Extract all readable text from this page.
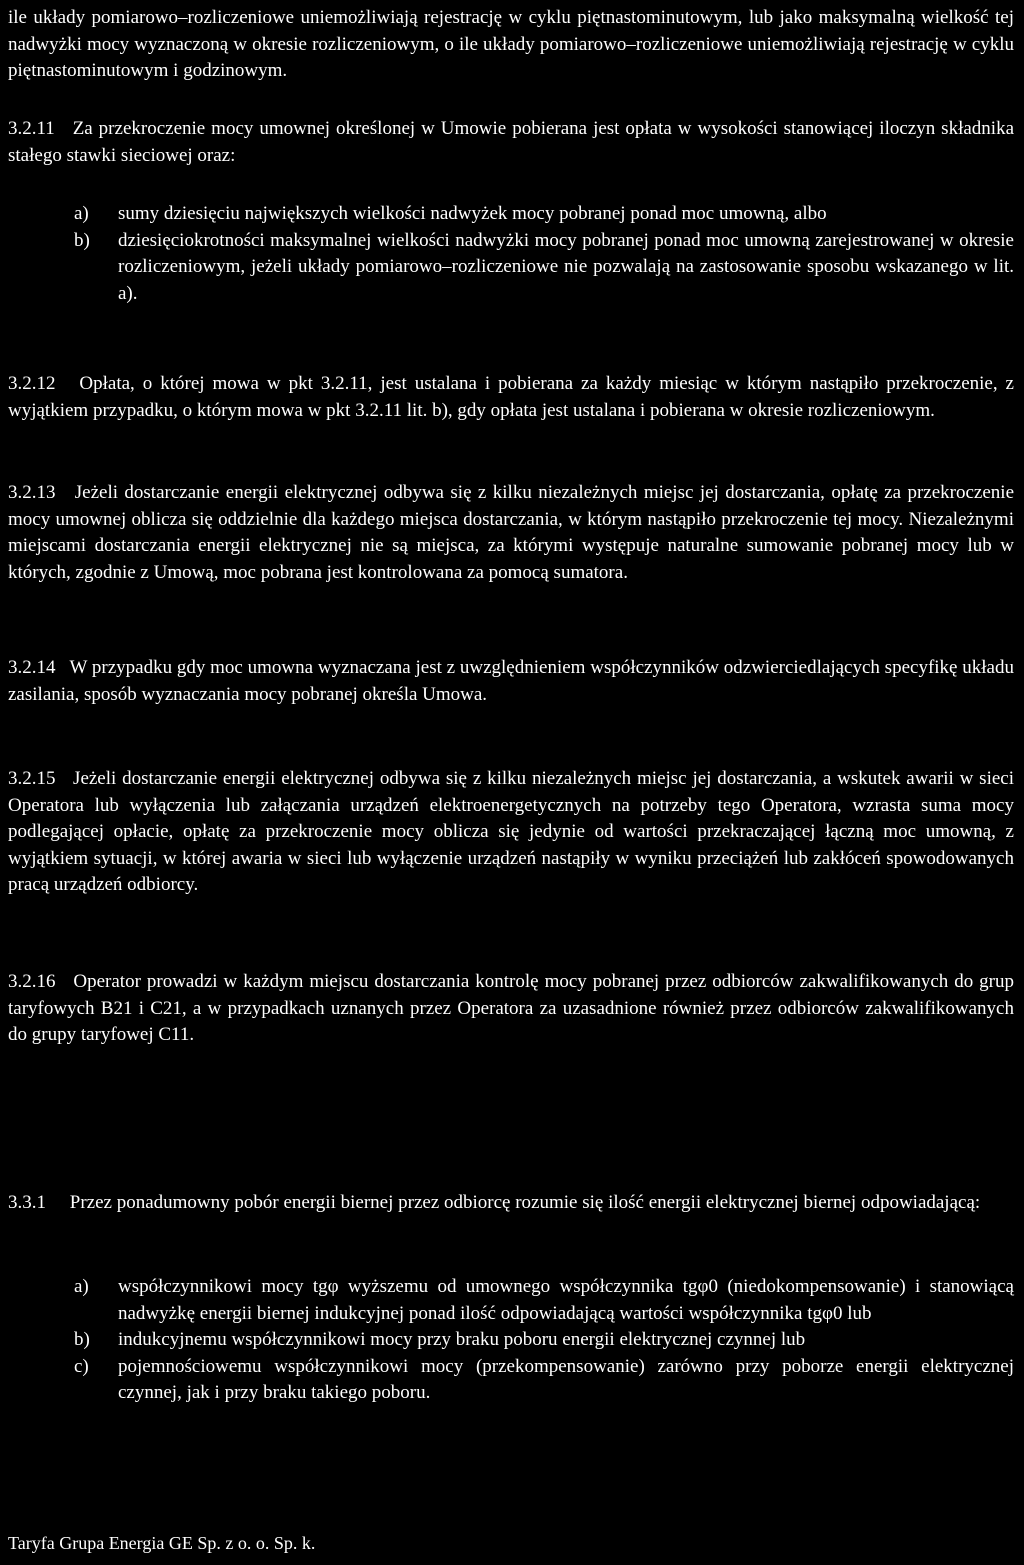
ile układy pomiarowo–rozliczeniowe uniemożliwiają rejestrację w cyklu piętnastominutowym, lub jako maksymalną wielkość tej nadwyżki mocy wyznaczoną w okresie rozliczeniowym, o ile układy pomiarowo–rozliczeniowe uniemożliwiają rejestrację w cyklu piętnastominutowym i godzinowym.

3.2.11 Za przekroczenie mocy umownej określonej w Umowie pobierana jest opłata w wysokości stanowiącej iloczyn składnika stałego stawki sieciowej oraz:

a)	sumy dziesięciu największych wielkości nadwyżek mocy pobranej ponad moc umowną, albo
b)	dziesięciokrotności maksymalnej wielkości nadwyżki mocy pobranej ponad moc umowną zarejestrowanej w okresie rozliczeniowym, jeżeli układy pomiarowo–rozliczeniowe nie pozwalają na zastosowanie sposobu wskazanego w lit. a).

3.2.12 Opłata, o której mowa w pkt 3.2.11, jest ustalana i pobierana za każdy miesiąc w którym nastąpiło przekroczenie, z wyjątkiem przypadku, o którym mowa w pkt 3.2.11 lit. b), gdy opłata jest ustalana i pobierana w okresie rozliczeniowym.

3.2.13 Jeżeli dostarczanie energii elektrycznej odbywa się z kilku niezależnych miejsc jej dostarczania, opłatę za przekroczenie mocy umownej oblicza się oddzielnie dla każdego miejsca dostarczania, w którym nastąpiło przekroczenie tej mocy. Niezależnymi miejscami dostarczania energii elektrycznej nie są miejsca, za którymi występuje naturalne sumowanie pobranej mocy lub w których, zgodnie z Umową, moc pobrana jest kontrolowana za pomocą sumatora.

3.2.14 W przypadku gdy moc umowna wyznaczana jest z uwzględnieniem współczynników odzwierciedlających specyfikę układu zasilania, sposób wyznaczania mocy pobranej określa Umowa.

3.2.15 Jeżeli dostarczanie energii elektrycznej odbywa się z kilku niezależnych miejsc jej dostarczania, a wskutek awarii w sieci Operatora lub wyłączenia lub załączania urządzeń elektroenergetycznych na potrzeby tego Operatora, wzrasta suma mocy podlegającej opłacie, opłatę za przekroczenie mocy oblicza się jedynie od wartości przekraczającej łączną moc umowną, z wyjątkiem sytuacji, w której awaria w sieci lub wyłączenie urządzeń nastąpiły w wyniku przeciążeń lub zakłóceń spowodowanych pracą urządzeń odbiorcy.

3.2.16 Operator prowadzi w każdym miejscu dostarczania kontrolę mocy pobranej przez odbiorców zakwalifikowanych do grup taryfowych B21 i C21, a w przypadkach uznanych przez Operatora za uzasadnione również przez odbiorców zakwalifikowanych do grupy taryfowej C11.

3.3.1 Przez ponadumowny pobór energii biernej przez odbiorcę rozumie się ilość energii elektrycznej biernej odpowiadającą:

a)	współczynnikowi mocy tgφ wyższemu od umownego współczynnika tgφ0 (niedokompensowanie) i stanowiącą nadwyżkę energii biernej indukcyjnej ponad ilość odpowiadającą wartości współczynnika tgφ0 lub
b)	indukcyjnemu współczynnikowi mocy przy braku poboru energii elektrycznej czynnej lub
c)	pojemnościowemu współczynnikowi mocy (przekompensowanie) zarówno przy poborze energii elektrycznej czynnej, jak i przy braku takiego poboru.
Taryfa Grupa Energia GE Sp. z o. o. Sp. k.
